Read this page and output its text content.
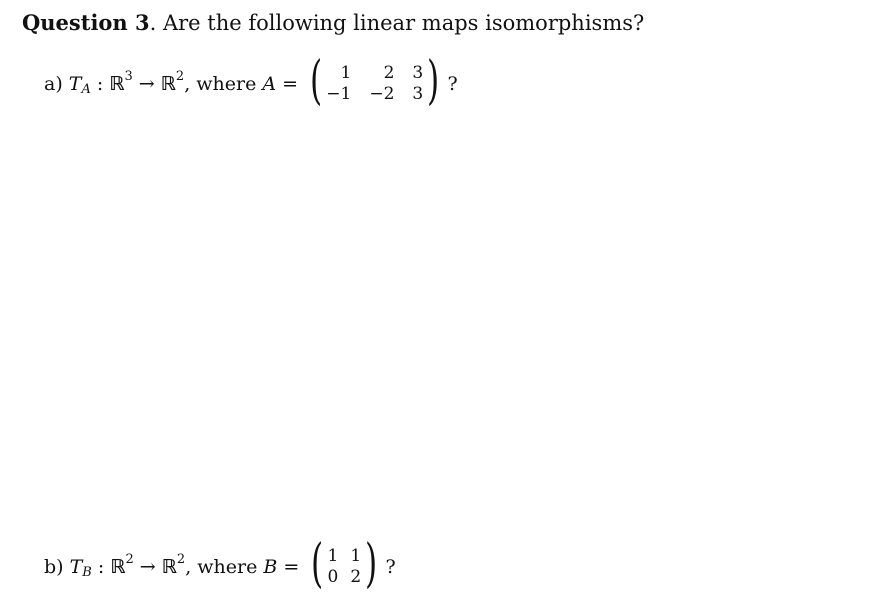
Question 3. Are the following linear maps isomorphisms?
a) T A : ℝ 3 → ℝ 2 , where A = (	1	2 3
−1 −2 3 ) ?
b) T B : ℝ 2 → ℝ 2 , where B = ( 1 1
0 2 ) ?
